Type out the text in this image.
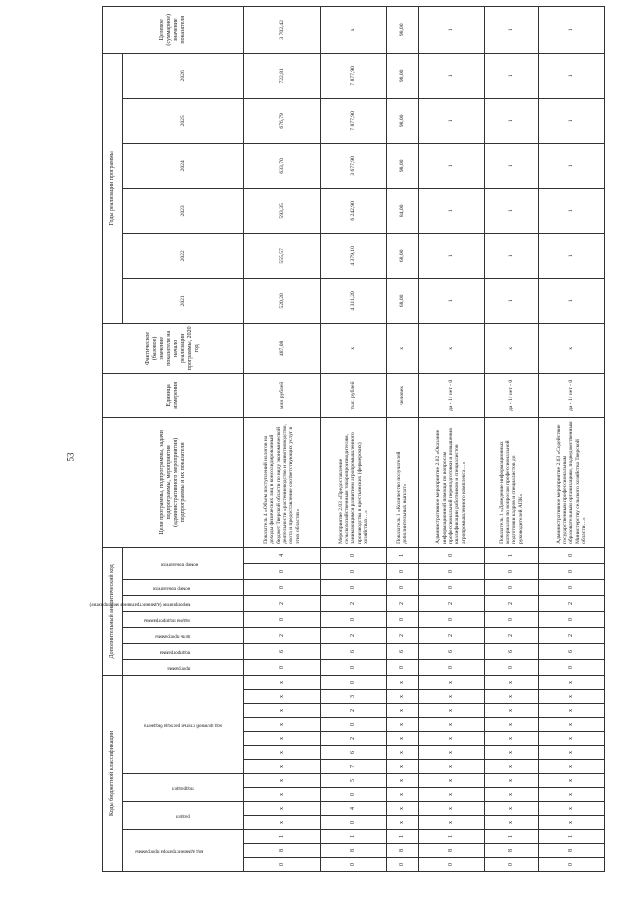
53
Коды бюджетной классификации														Дополнительный аналитический код								Цели программы, подпрограммы, задачи подпрограммы, мероприятия (административного мероприятия) подпрограммы и их показатели	Единица измерения	Фактическое (базовое) значение показателя на начало реализации программы, 2020 год	Годы реализации программы						Целевое (суммарное) значение показателя

код администратора программы			раздел		подраздел		код целевой статьи расхода бюджета							программа	подпрограмма	цель программы	задача подпрограммы	мероприятие (административное мероприятие)	номер показателя	номер показателя					2021	2022	2023	2024	2025	2026	
0	8	1	х	х	х	х	х	х	х	х	х	х	х	0	6	2	0	2	0	0	4	Показатель 4 «Объем поступлений налогов на доходы физических лиц в консолидированный бюджет Тверской области по виду экономической деятельности «растениеводство и животноводство, охота и предоставление соответствующих услуг в этих областях»	млн рублей	487,08	520,20	555,57	593,35	633,70	676,79	722,81	3 702,42
0	8	1	0	4	0	5	7	6	2	0	2	3	0	0	6	2	0	2	0	0	0	Мероприятие 2.03 «Предоставление сельскохозяйственным товаропроизводителям, занимающимся развитием агропромышленного производства в крестьянских (фермерских) хозяйствах…»	тыс. рублей	х	4 311,20	4 379,10	6 242,90	3 677,90	7 877,90	7 877,90	х
0	8	1	х	х	х	х	х	х	х	х	х	х	х	0	6	2	0	2	0	0	1	Показатель 1 «Количество получателей дополнительных выплат»	человек	х	68,00	68,00	84,00	98,00	98,00	98,00	98,00
0	8	1	х	х	х	х	х	х	х	х	х	х	х	0	6	2	0	2	0	0	0	Административное мероприятие 2.02 «Оказание информационной помощи по вопросам профессиональной переподготовки и повышения квалификации работников и специалистов агропромышленного комплекса…»	да - 1/ нет - 0	х	1	1	1	1	1	1	1
0	8	1	х	х	х	х	х	х	х	х	х	х	х	0	6	2	0	2	0	0	1	Показатель 1 «Доведение информационных материалов по вопросам профессиональной подготовки кадров и специалистов до руководителей АПК»	да - 1/ нет - 0	х	1	1	1	1	1	1	1
0	8	1	х	х	х	х	х	х	х	х	х	х	х	0	6	2	0	2	0	0	0	Административное мероприятие 2.03 «Содействие государственным профессиональным образовательным организациям, подведомственным Министерству сельского хозяйства Тверской области…»	да - 1/ нет - 0	х	1	1	1	1	1	1	1
